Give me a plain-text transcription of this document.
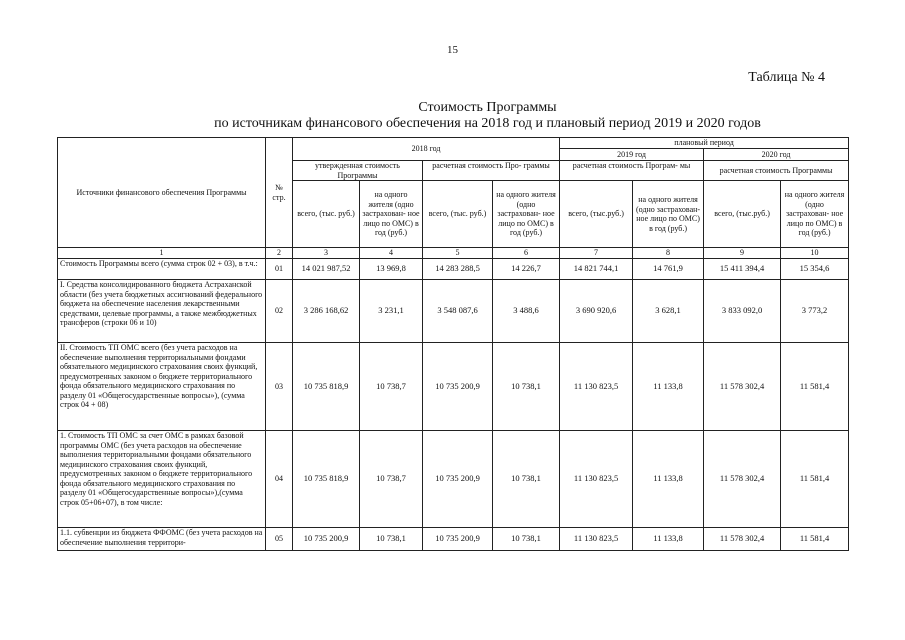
15
Таблица № 4
Стоимость Программы
по источникам финансового обеспечения на 2018 год и плановый период 2019 и 2020 годов
Источники финансового обеспечения Программы	№ стр.	2018 год				плановый период			
						2019 год		2020 год	
		утвержденная стоимость Программы		расчетная стоимость Про- граммы		расчетная стоимость Програм- мы		расчетная стоимость Программы	
		всего, (тыс. руб.)	на одного жителя (одно застрахован- ное лицо по ОМС) в год (руб.)	всего, (тыс. руб.)	на одного жителя (одно застрахован- ное лицо по ОМС) в год (руб.)	всего, (тыс.руб.)	на одного жителя (одно застрахован- ное лицо по ОМС) в год (руб.)	всего, (тыс.руб.)	на одного жителя (одно застрахован- ное лицо по ОМС) в год (руб.)
1	2	3	4	5	6	7	8	9	10
Стоимость Программы всего (сумма строк 02 + 03), в т.ч.:	01	14 021 987,52	13 969,8	14 283 288,5	14 226,7	14 821 744,1	14 761,9	15 411 394,4	15 354,6
I. Средства консолидированного бюджета Астраханской области (без учета бюджетных ассигнований федерального бюджета на обеспечение населения лекарственными средствами, целевые программы, а также межбюджетных трансферов (строки 06 и 10)	02	3 286 168,62	3 231,1	3 548 087,6	3 488,6	3 690 920,6	3 628,1	3 833 092,0	3 773,2
II. Стоимость ТП ОМС всего (без учета расходов на обеспечение выполнения территориальными фондами обязательного медицинского страхования своих функций, предусмотренных законом о бюджете территориального фонда обязательного медицинского страхования по разделу 01 «Общегосударственные вопросы»), (сумма строк 04 + 08)	03	10 735 818,9	10 738,7	10 735 200,9	10 738,1	11 130 823,5	11 133,8	11 578 302,4	11 581,4
1. Стоимость ТП ОМС за счет ОМС в рамках базовой программы ОМС (без учета расходов на обеспечение выполнения территориальными фондами обязательного медицинского страхования своих функций, предусмотренных законом о бюджете территориального фонда обязательного медицинского страхования по разделу 01 «Общегосударственные вопросы»),(сумма строк 05+06+07), в том числе:	04	10 735 818,9	10 738,7	10 735 200,9	10 738,1	11 130 823,5	11 133,8	11 578 302,4	11 581,4
1.1. субвенции из бюджета ФФОМС (без учета расходов на обеспечение выполнения территори-	05	10 735 200,9	10 738,1	10 735 200,9	10 738,1	11 130 823,5	11 133,8	11 578 302,4	11 581,4
